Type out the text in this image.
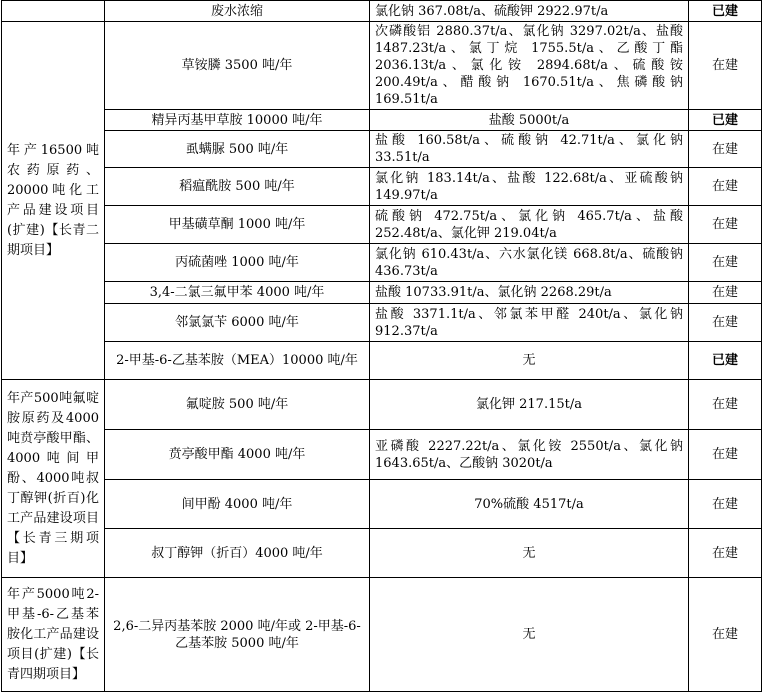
	废水浓缩	氯化钠 367.08t/a、硫酸钾 2922.97t/a	已建
年产16500吨农药原药、20000吨化工产品建设项目(扩建)【长青二期项目】	草铵膦 3500 吨/年	次磷酸铝 2880.37t/a、氯化钠 3297.02t/a、盐酸 1487.23t/a、氯丁烷 1755.5t/a、乙酸丁酯 2036.13t/a、氯化铵 2894.68t/a、硫酸铵 200.49t/a、醋酸钠 1670.51t/a、焦磷酸钠 169.51t/a	在建
	精异丙基甲草胺 10000 吨/年	盐酸 5000t/a	已建
	虱螨脲 500 吨/年	盐酸 160.58t/a、硫酸钠 42.71t/a、氯化钠 33.51t/a	在建
	稻瘟酰胺 500 吨/年	氯化钠 183.14t/a、盐酸 122.68t/a、亚硫酸钠 149.97t/a	在建
	甲基磺草酮 1000 吨/年	硫酸钠 472.75t/a、氯化钠 465.7t/a、盐酸 252.48t/a、氯化钾 219.04t/a	在建
	丙硫菌唑 1000 吨/年	氯化钠 610.43t/a、六水氯化镁 668.8t/a、硫酸钠 436.73t/a	在建
	3,4-二氯三氟甲苯 4000 吨/年	盐酸 10733.91t/a、氯化钠 2268.29t/a	在建
	邻氯氯苄 6000 吨/年	盐酸 3371.1t/a、邻氯苯甲醛 240t/a、氯化钠 912.37t/a	在建
	2-甲基-6-乙基苯胺（MEA）10000 吨/年	无	已建
年产500吨氟啶胺原药及4000吨贲亭酸甲酯、4000吨间甲酚、4000吨叔丁醇钾(折百)化工产品建设项目【长青三期项目】	氟啶胺 500 吨/年	氯化钾 217.15t/a	在建
	贲亭酸甲酯 4000 吨/年	亚磷酸 2227.22t/a、氯化铵 2550t/a、氯化钠 1643.65t/a、乙酸钠 3020t/a	在建
	间甲酚 4000 吨/年	70%硫酸 4517t/a	在建
	叔丁醇钾（折百）4000 吨/年	无	在建
年产5000吨2-甲基-6-乙基苯胺化工产品建设项目(扩建)【长青四期项目】	2,6-二异丙基苯胺 2000 吨/年或 2-甲基-6-乙基苯胺 5000 吨/年	无	在建
